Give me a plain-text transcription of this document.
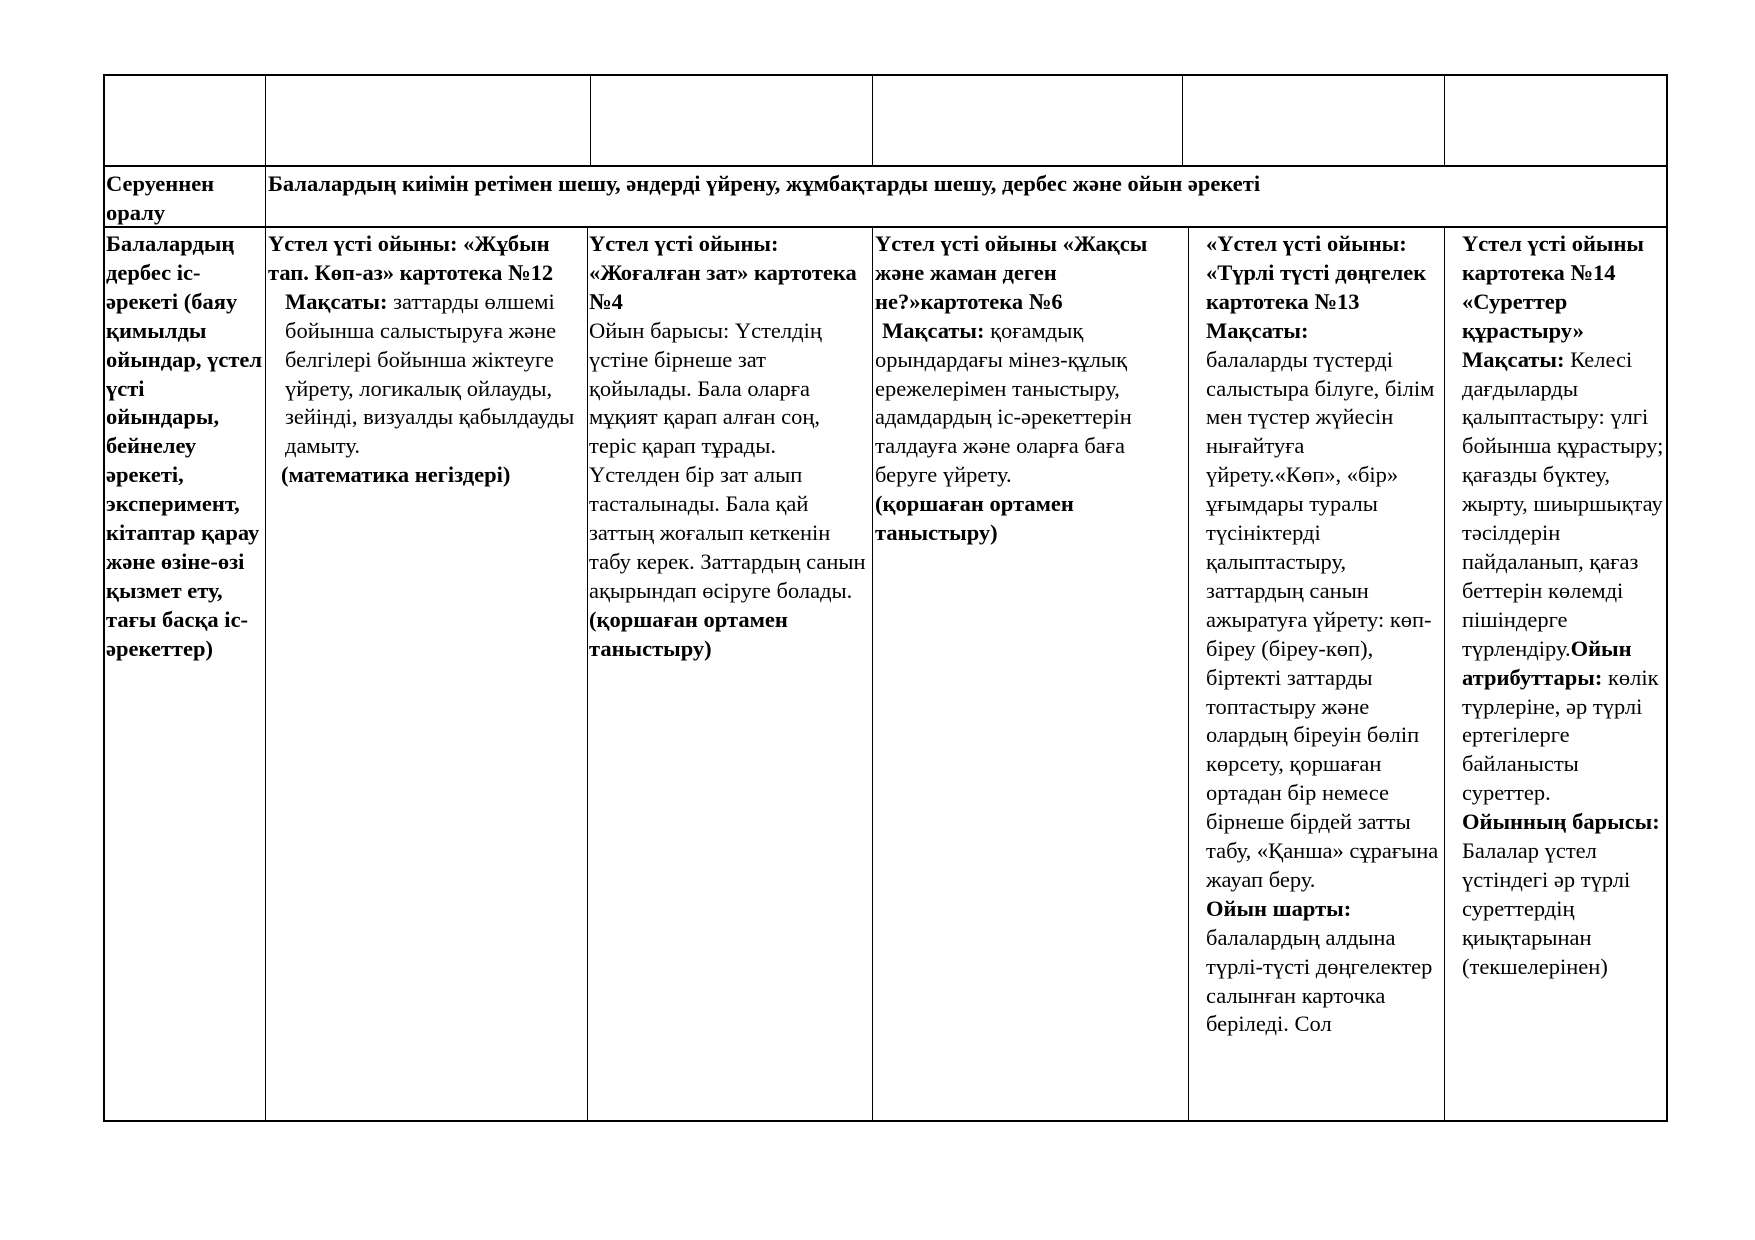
Серуеннен оралу

Балалардың киімін ретімен шешу, әндерді үйрену, жұмбақтарды шешу, дербес және ойын әрекеті

Балалардың дербес іс-әрекеті (баяу қимылды ойындар, үстел үсті ойындары, бейнелеу әрекеті, эксперимент, кітаптар қарау және өзіне-өзі қызмет ету, тағы басқа іс-әрекеттер)

Үстел үсті ойыны: «Жұбын тап. Көп-аз» картотека №12

Мақсаты: заттарды өлшемі бойынша салыстыруға және белгілері бойынша жіктеуге үйрету, логикалық ойлауды, зейінді, визуалды қабылдауды дамыту.

(математика негіздері)

Үстел үсті ойыны: «Жоғалған зат» картотека №4

Ойын барысы: Үстелдің үстіне бірнеше зат қойылады. Бала оларға мұқият қарап алған соң, теріс қарап тұрады. Үстелден бір зат алып тасталынады. Бала қай заттың жоғалып кеткенін табу керек. Заттардың санын ақырындап өсіруге болады.

(қоршаған ортамен таныстыру)

Үстел үсті ойыны «Жақсы және жаман деген не?»картотека №6

Мақсаты: қоғамдық орындардағы мінез-құлық ережелерімен таныстыру, адамдардың іс-әрекеттерін талдауға және оларға баға беруге үйрету.

(қоршаған ортамен таныстыру)

«Үстел үсті ойыны: «Түрлі түсті дөңгелек картотека №13

Мақсаты:

балаларды түстерді салыстыра білуге, білім мен түстер жүйесін нығайтуға үйрету.«Көп», «бір» ұғымдары туралы түсініктерді қалыптастыру, заттардың санын ажыратуға үйрету: көп-біреу (біреу-көп), біртекті заттарды топтастыру және олардың біреуін бөліп көрсету, қоршаған ортадан бір немесе бірнеше бірдей затты табу, «Қанша» сұрағына жауап беру.

Ойын шарты:

балалардың алдына түрлі-түсті дөңгелектер салынған карточка беріледі. Сол

Үстел үсті ойыны картотека №14 «Суреттер құрастыру»

Мақсаты: Келесі дағдыларды қалыптастыру: үлгі бойынша құрастыру; қағазды бүктеу, жырту, шиыршықтау тәсілдерін пайдаланып, қағаз беттерін көлемді пішіндерге түрлендіру.Ойын атрибуттары: көлік түрлеріне, әр түрлі ертегілерге байланысты суреттер.

Ойынның барысы:

Балалар үстел үстіндегі әр түрлі суреттердің қиықтарынан (текшелерінен)
